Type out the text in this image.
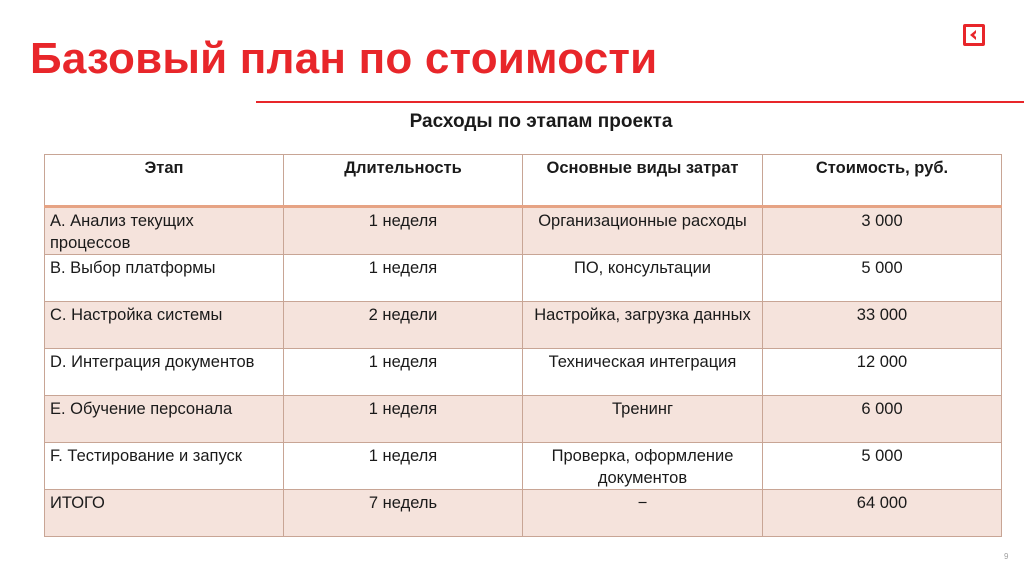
Базовый план по стоимости
Расходы по этапам проекта
Этап	Длительность	Основные виды затрат	Стоимость, руб.
A. Анализ текущих процессов	1 неделя	Организационные расходы	3 000
B. Выбор платформы	1 неделя	ПО, консультации	5 000
C. Настройка системы	2 недели	Настройка, загрузка данных	33 000
D. Интеграция документов	1 неделя	Техническая интеграция	12 000
E. Обучение персонала	1 неделя	Тренинг	6 000
F. Тестирование и запуск	1 неделя	Проверка, оформление документов	5 000
ИТОГО	7 недель	−	64 000
9
